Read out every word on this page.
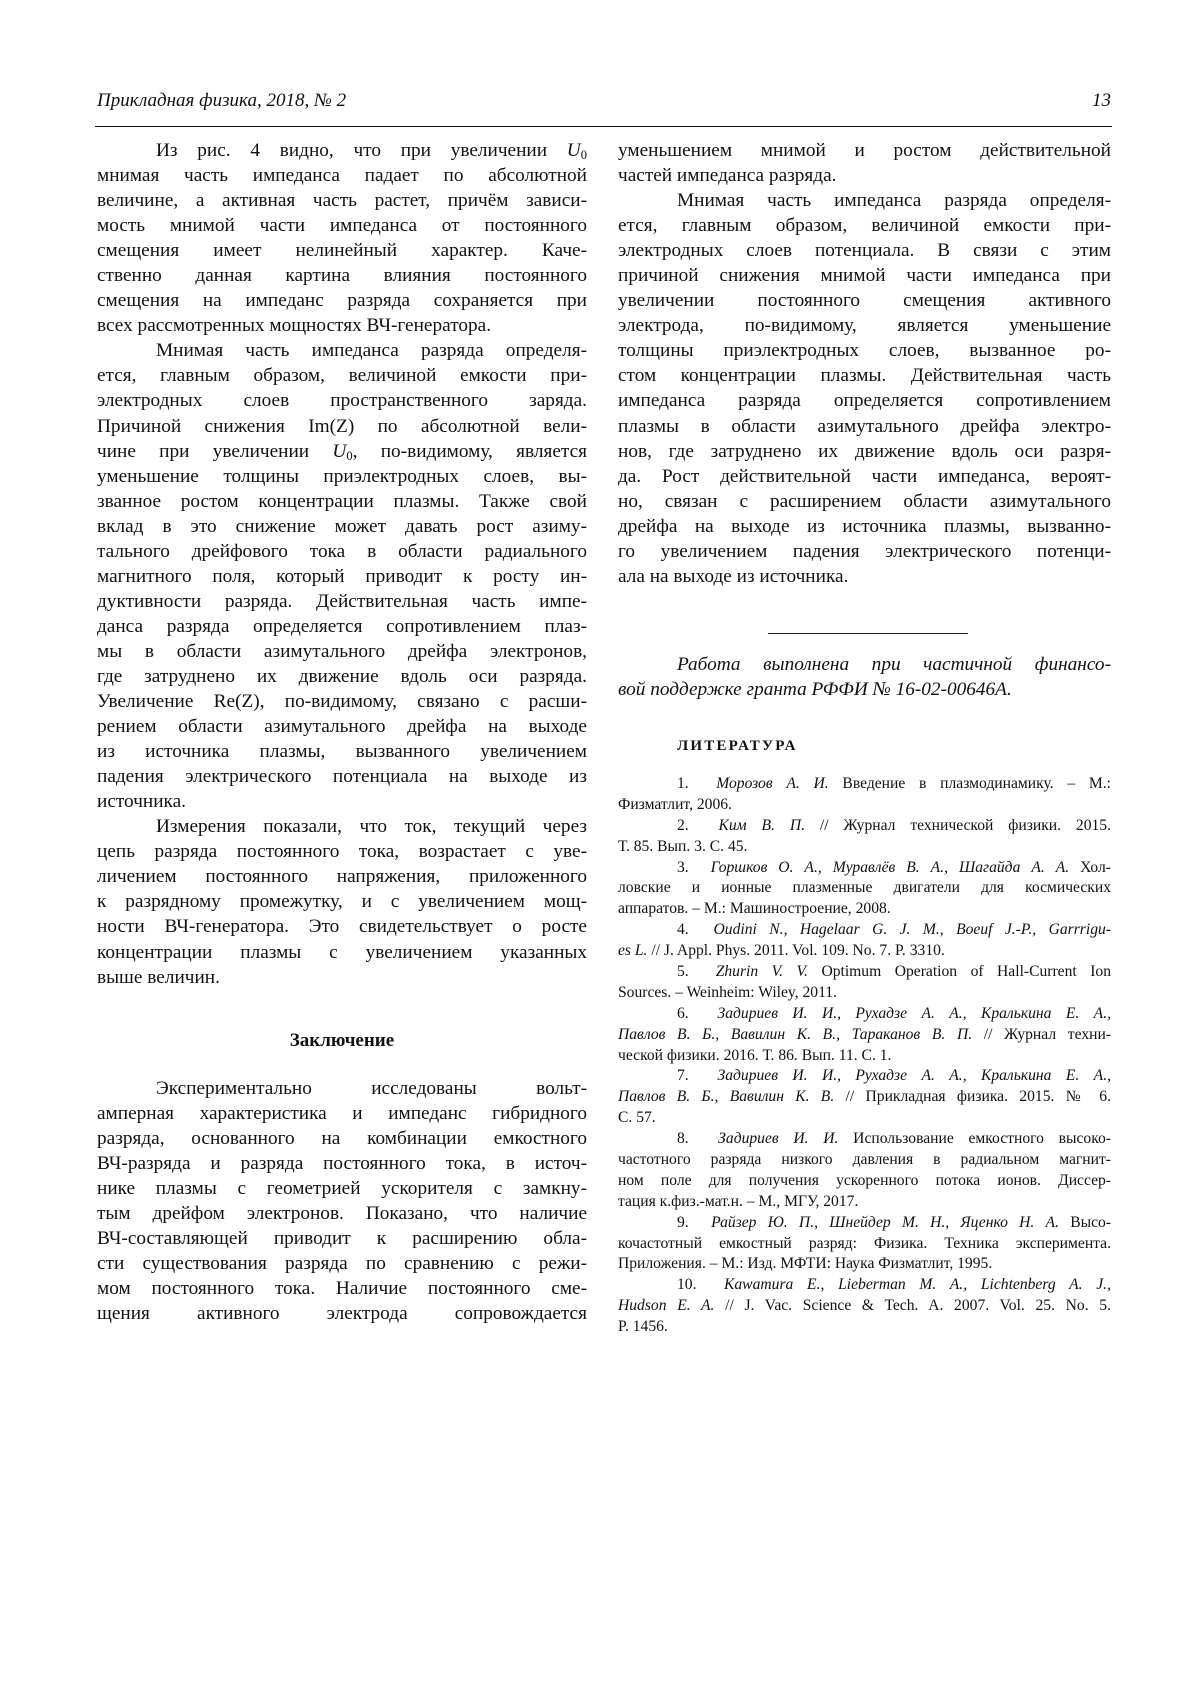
Прикладная физика, 2018, № 2	13
Из рис. 4 видно, что при увеличении $U_0$
мнимая часть импеданса падает по абсолютной
величине, а активная часть растет, причём зависи-
мость мнимой части импеданса от постоянного
смещения имеет нелинейный характер. Каче-
ственно данная картина влияния постоянного
смещения на импеданс разряда сохраняется при
всех рассмотренных мощностях ВЧ-генератора.
Мнимая часть импеданса разряда определя-
ется, главным образом, величиной емкости при-
электродных слоев пространственного заряда.
Причиной снижения Im(Z) по абсолютной вели-
чине при увеличении $U_0$, по-видимому, является
уменьшение толщины приэлектродных слоев, вы-
званное ростом концентрации плазмы. Также свой
вклад в это снижение может давать рост азиму-
тального дрейфового тока в области радиального
магнитного поля, который приводит к росту ин-
дуктивности разряда. Действительная часть импе-
данса разряда определяется сопротивлением плаз-
мы в области азимутального дрейфа электронов,
где затруднено их движение вдоль оси разряда.
Увеличение Re(Z), по-видимому, связано с расши-
рением области азимутального дрейфа на выходе
из источника плазмы, вызванного увеличением
падения электрического потенциала на выходе из
источника.
Измерения показали, что ток, текущий через
цепь разряда постоянного тока, возрастает с уве-
личением постоянного напряжения, приложенного
к разрядному промежутку, и с увеличением мощ-
ности ВЧ-генератора. Это свидетельствует о росте
концентрации плазмы с увеличением указанных
выше величин.
Заключение
Экспериментально исследованы вольт-
амперная характеристика и импеданс гибридного
разряда, основанного на комбинации емкостного
ВЧ-разряда и разряда постоянного тока, в источ-
нике плазмы с геометрией ускорителя с замкну-
тым дрейфом электронов. Показано, что наличие
ВЧ-составляющей приводит к расширению обла-
сти существования разряда по сравнению с режи-
мом постоянного тока. Наличие постоянного сме-
щения активного электрода сопровождается
уменьшением мнимой и ростом действительной
частей импеданса разряда.
Мнимая часть импеданса разряда определя-
ется, главным образом, величиной емкости при-
электродных слоев потенциала. В связи с этим
причиной снижения мнимой части импеданса при
увеличении постоянного смещения активного
электрода, по-видимому, является уменьшение
толщины приэлектродных слоев, вызванное ро-
стом концентрации плазмы. Действительная часть
импеданса разряда определяется сопротивлением
плазмы в области азимутального дрейфа электро-
нов, где затруднено их движение вдоль оси разря-
да. Рост действительной части импеданса, вероят-
но, связан с расширением области азимутального
дрейфа на выходе из источника плазмы, вызванно-
го увеличением падения электрического потенци-
ала на выходе из источника.
Работа выполнена при частичной финансо-
вой поддержке гранта РФФИ № 16-02-00646А.
ЛИТЕРАТУРА
1.  Морозов А. И. Введение в плазмодинамику. – М.:
Физматлит, 2006.
2.  Ким В. П. // Журнал технической физики. 2015.
Т. 85. Вып. 3. С. 45.
3.  Горшков О. А., Муравлёв В. А., Шагайда А. А. Хол-
ловские и ионные плазменные двигатели для космических
аппаратов. – М.: Машиностроение, 2008.
4.  Oudini N., Hagelaar G. J. M., Boeuf J.-P., Garrrigu-
es L. // J. Appl. Phys. 2011. Vol. 109. No. 7. P. 3310.
5.  Zhurin V. V. Optimum Operation of Hall-Current Ion
Sources. – Weinheim: Wiley, 2011.
6.  Задириев И. И., Рухадзе А. А., Кралькина Е. А.,
Павлов В. Б., Вавилин К. В., Тараканов В. П. // Журнал техни-
ческой физики. 2016. Т. 86. Вып. 11. С. 1.
7.  Задириев И. И., Рухадзе А. А., Кралькина Е. А.,
Павлов В. Б., Вавилин К. В. // Прикладная физика. 2015. № 6.
С. 57.
8.  Задириев И. И. Использование емкостного высоко-
частотного разряда низкого давления в радиальном магнит-
ном поле для получения ускоренного потока ионов. Диссер-
тация к.физ.-мат.н. – М., МГУ, 2017.
9.  Райзер Ю. П., Шнейдер М. Н., Яценко Н. А. Высо-
кочастотный емкостный разряд: Физика. Техника эксперимента.
Приложения. – М.: Изд. МФТИ: Наука Физматлит, 1995.
10.  Kawamura E., Lieberman M. A., Lichtenberg A. J.,
Hudson E. A. // J. Vac. Science & Tech. A. 2007. Vol. 25. No. 5.
P. 1456.
